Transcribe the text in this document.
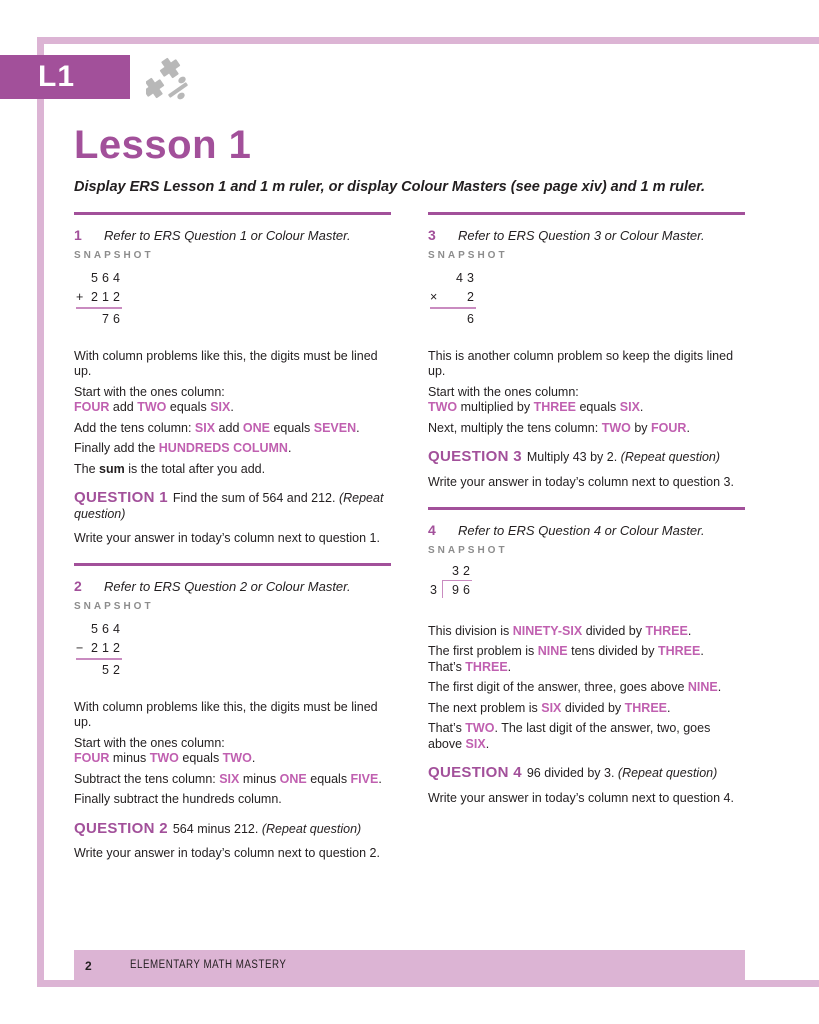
L1
Lesson 1
Display ERS Lesson 1 and 1 m ruler, or display Colour Masters (see page xiv) and 1 m ruler.
1	Refer to ERS Question 1 or Colour Master.
SNAPSHOT
5 6 4
+ 2 1 2
7 6

With column problems like this, the digits must be lined up.

Start with the ones column:
FOUR add TWO equals SIX.

Add the tens column: SIX add ONE equals SEVEN.

Finally add the HUNDREDS COLUMN.

The sum is the total after you add.

QUESTION 1 Find the sum of 564 and 212. (Repeat question)

Write your answer in today’s column next to question 1.

2	Refer to ERS Question 2 or Colour Master.
SNAPSHOT
5 6 4
− 2 1 2
5 2

With column problems like this, the digits must be lined up.

Start with the ones column:
FOUR minus TWO equals TWO.

Subtract the tens column: SIX minus ONE equals FIVE.

Finally subtract the hundreds column.

QUESTION 2 564 minus 212. (Repeat question)

Write your answer in today’s column next to question 2.

3	Refer to ERS Question 3 or Colour Master.
SNAPSHOT
4 3
× 2
6

This is another column problem so keep the digits lined up.

Start with the ones column:
TWO multiplied by THREE equals SIX.

Next, multiply the tens column: TWO by FOUR.

QUESTION 3 Multiply 43 by 2. (Repeat question)

Write your answer in today’s column next to question 3.

4	Refer to ERS Question 4 or Colour Master.
SNAPSHOT
3 2
3 9 6

This division is NINETY-SIX divided by THREE.

The first problem is NINE tens divided by THREE.
That’s THREE.

The first digit of the answer, three, goes above NINE.

The next problem is SIX divided by THREE.

That’s TWO. The last digit of the answer, two, goes above SIX.

QUESTION 4 96 divided by 3. (Repeat question)

Write your answer in today’s column next to question 4.

2	ELEMENTARY MATH MASTERY
